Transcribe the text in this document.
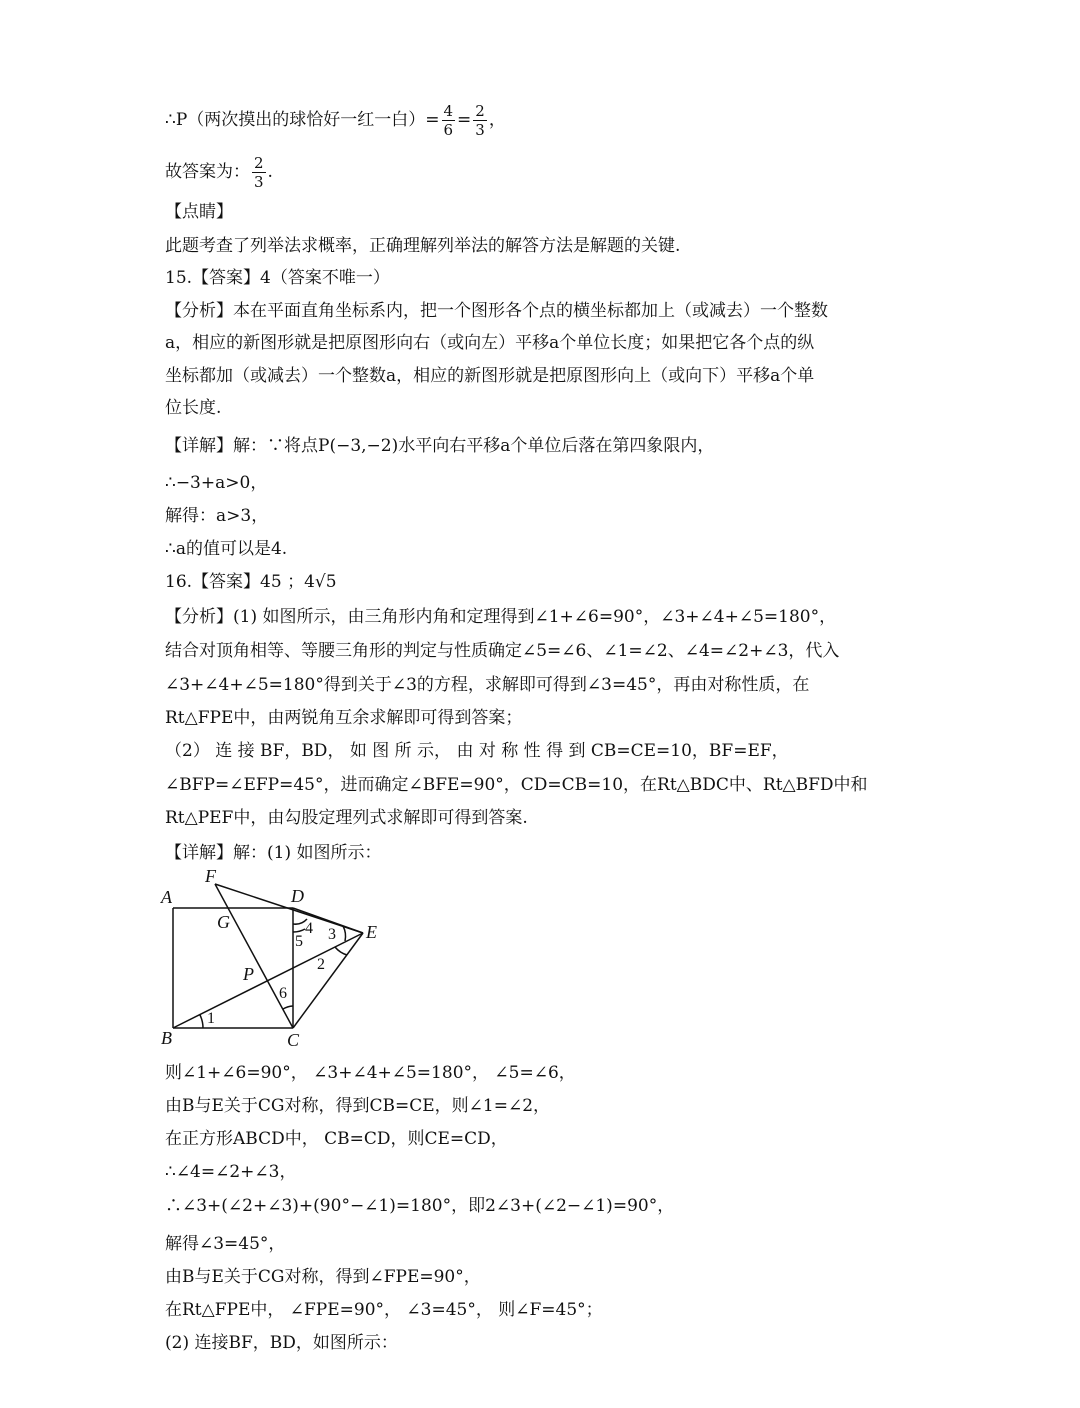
∴P（两次摸出的球恰好一红一白）= $\frac{4}{6} = \frac{2}{3}$ ，
故答案为： $\frac{2}{3}$ .
【点睛】
此题考查了列举法求概率，正确理解列举法的解答方法是解题的关键.
15.【答案】4（答案不唯一）
【分析】本在平面直角坐标系内，把一个图形各个点的横坐标都加上（或减去）一个整数
a，相应的新图形就是把原图形向右（或向左）平移a个单位长度；如果把它各个点的纵
坐标都加（或减去）一个整数a，相应的新图形就是把原图形向上（或向下）平移a个单
位长度.
【详解】解：∵将点P(−3,−2)水平向右平移a个单位后落在第四象限内，
∴−3+a>0，
解得：a>3，
∴a的值可以是4.
16.【答案】45 ；4√5
【分析】(1) 如图所示，由三角形内角和定理得到∠1+∠6=90°，∠3+∠4+∠5=180°，
结合对顶角相等、等腰三角形的判定与性质确定∠5=∠6、∠1=∠2、∠4=∠2+∠3，代入
∠3+∠4+∠5=180°得到关于∠3的方程，求解即可得到∠3=45°，再由对称性质，在
Rt△FPE中，由两锐角互余求解即可得到答案；
（2） 连 接 BF，BD， 如 图 所 示， 由 对 称 性 得 到 CB=CE=10，BF=EF，
∠BFP=∠EFP=45°，进而确定∠BFE=90°，CD=CB=10，在Rt△BDC中、Rt△BFD中和
Rt△PEF中，由勾股定理列式求解即可得到答案.
【详解】解：(1) 如图所示：
A
B	C
D
E
F
G
P
1
2
3
4
5
6
则∠1+∠6=90°， ∠3+∠4+∠5=180°， ∠5=∠6，
由B与E关于CG对称，得到CB=CE，则∠1=∠2，
在正方形ABCD中， CB=CD，则CE=CD，
∴∠4=∠2+∠3，
∴∠3+(∠2+∠3)+(90°−∠1)=180°，即2∠3+(∠2−∠1)=90°，
解得∠3=45°，
由B与E关于CG对称，得到∠FPE=90°，
在Rt△FPE中， ∠FPE=90°， ∠3=45°， 则∠F=45°；
(2) 连接BF，BD，如图所示：
